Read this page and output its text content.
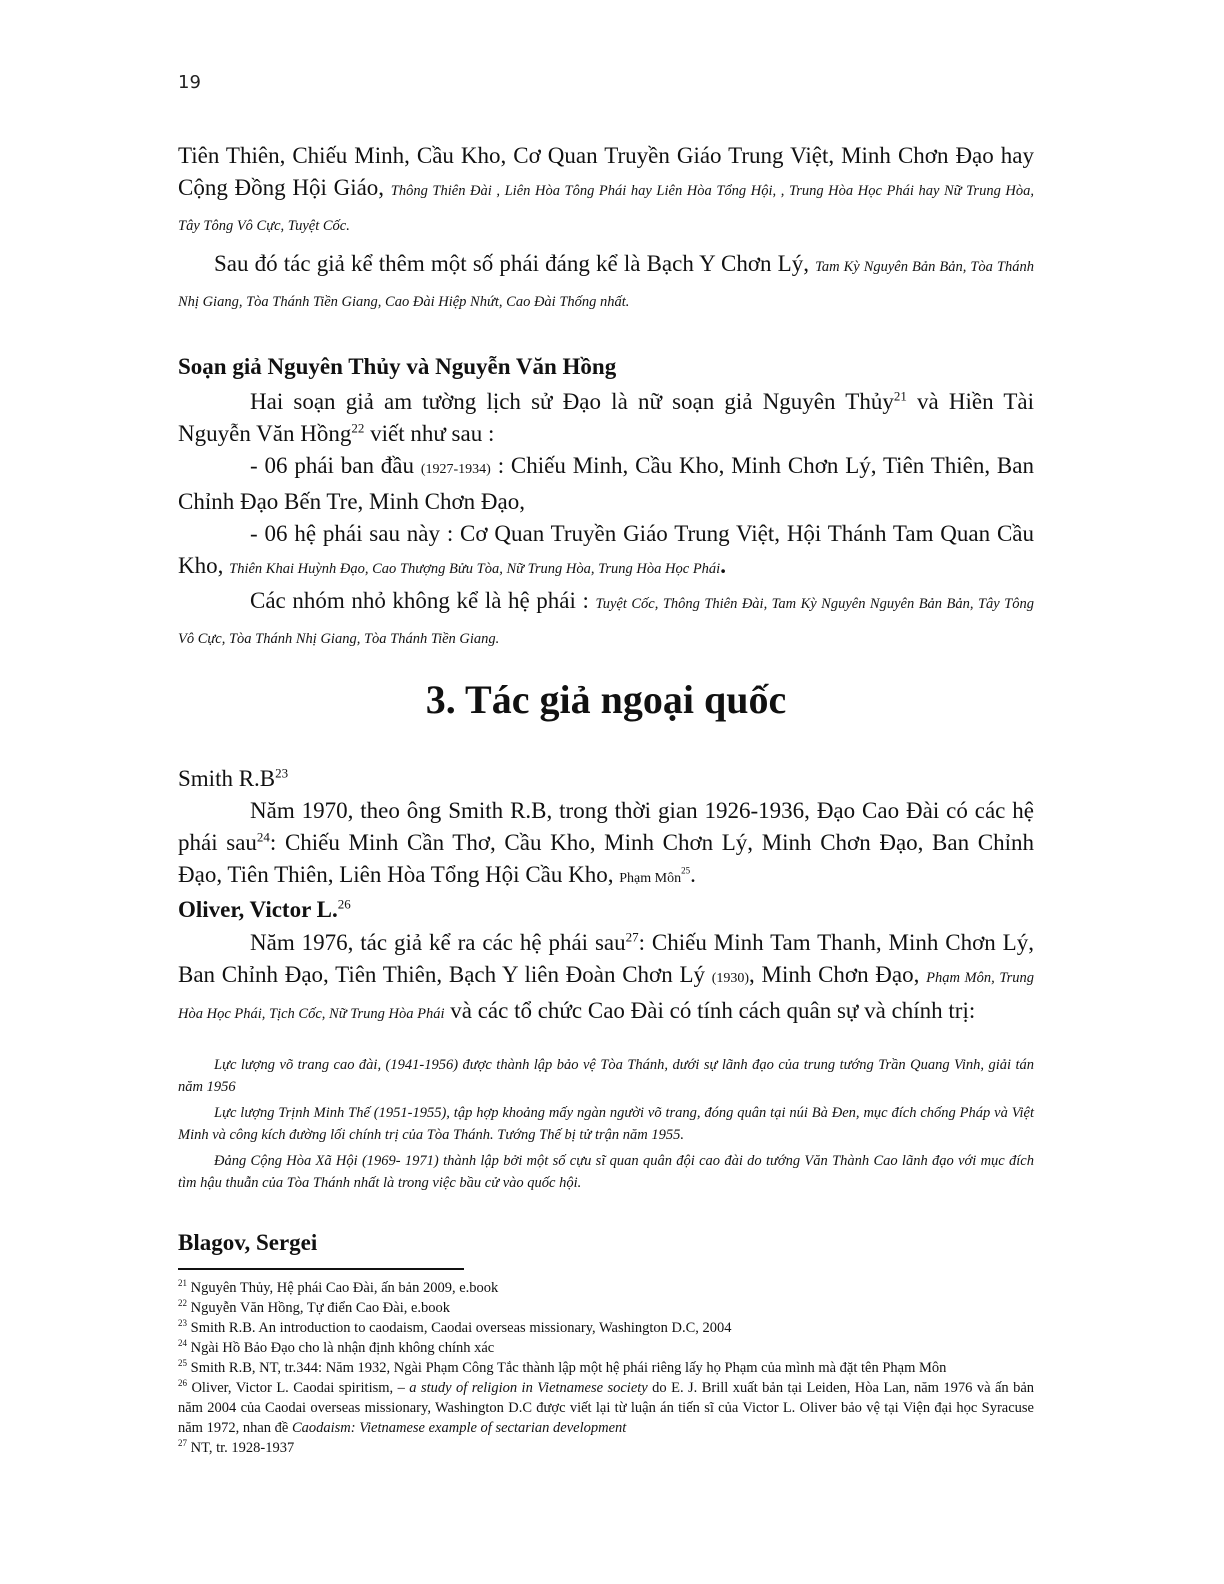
19

Tiên Thiên, Chiếu Minh, Cầu Kho, Cơ Quan Truyền Giáo Trung Việt, Minh Chơn Đạo hay Cộng Đồng Hội Giáo, Thông Thiên Đài , Liên Hòa Tông Phái hay Liên Hòa Tổng Hội, , Trung Hòa Học Phái hay Nữ Trung Hòa, Tây Tông Vô Cực, Tuyệt Cốc.

Sau đó tác giả kể thêm một số phái đáng kể là Bạch Y Chơn Lý, Tam Kỳ Nguyên Bản Bản, Tòa Thánh Nhị Giang, Tòa Thánh Tiền Giang, Cao Đài Hiệp Nhứt, Cao Đài Thống nhất.

Soạn giả Nguyên Thủy và Nguyễn Văn Hồng

Hai soạn giả am tường lịch sử Đạo là nữ soạn giả Nguyên Thủy$^{21}$ và Hiền Tài Nguyễn Văn Hồng$^{22}$ viết như sau :

- 06 phái ban đầu (1927-1934) : Chiếu Minh, Cầu Kho, Minh Chơn Lý, Tiên Thiên, Ban Chỉnh Đạo Bến Tre, Minh Chơn Đạo,

- 06 hệ phái sau này : Cơ Quan Truyền Giáo Trung Việt, Hội Thánh Tam Quan Cầu Kho, Thiên Khai Huỳnh Đạo, Cao Thượng Bửu Tòa, Nữ Trung Hòa, Trung Hòa Học Phái.

Các nhóm nhỏ không kể là hệ phái : Tuyệt Cốc, Thông Thiên Đài, Tam Kỳ Nguyên Nguyên Bản Bản, Tây Tông Vô Cực, Tòa Thánh Nhị Giang, Tòa Thánh Tiền Giang.

3. Tác giả ngoại quốc

Smith $R.B^{23}$

Năm 1970, theo ông Smith R.B, trong thời gian 1926-1936, Đạo Cao Đài có các hệ phái sau$^{24}$: Chiếu Minh Cần Thơ, Cầu Kho, Minh Chơn Lý, Minh Chơn Đạo, Ban Chỉnh Đạo, Tiên Thiên, Liên Hòa Tổng Hội Cầu Kho, Phạm Môn$^{25}$.

Oliver, Victor L.$^{26}$

Năm 1976, tác giả kể ra các hệ phái sau$^{27}$: Chiếu Minh Tam Thanh, Minh Chơn Lý, Ban Chỉnh Đạo, Tiên Thiên, Bạch Y liên Đoàn Chơn Lý (1930), Minh Chơn Đạo, Phạm Môn, Trung Hòa Học Phái, Tịch Cốc, Nữ Trung Hòa Phái và các tổ chức Cao Đài có tính cách quân sự và chính trị:

Lực lượng võ trang cao đài, (1941-1956) được thành lập bảo vệ Tòa Thánh, dưới sự lãnh đạo của trung tướng Trần Quang Vinh, giải tán năm 1956

Lực lượng Trịnh Minh Thế (1951-1955), tập hợp khoảng mấy ngàn người võ trang, đóng quân tại núi Bà Đen, mục đích chống Pháp và Việt Minh và công kích đường lối chính trị của Tòa Thánh. Tướng Thế bị tử trận năm 1955.

Đảng Cộng Hòa Xã Hội (1969- 1971) thành lập bởi một số cựu sĩ quan quân đội cao đài do tướng Văn Thành Cao lãnh đạo với mục đích tìm hậu thuẫn của Tòa Thánh nhất là trong việc bầu cử vào quốc hội.

Blagov, Sergei

$^{21}$ Nguyên Thủy, Hệ phái Cao Đài, ấn bản 2009, e.book

$^{22}$ Nguyễn Văn Hồng, Tự điển Cao Đài, e.book

$^{23}$ Smith R.B. An introduction to caodaism, Caodai overseas missionary, Washington D.C, 2004

$^{24}$ Ngài Hồ Bảo Đạo cho là nhận định không chính xác

$^{25}$ Smith R.B, NT, tr.344: Năm 1932, Ngài Phạm Công Tắc thành lập một hệ phái riêng lấy họ Phạm của mình mà đặt tên Phạm Môn

$^{26}$ Oliver, Victor L. Caodai spiritism, – a study of religion in Vietnamese society do E. J. Brill xuất bản tại Leiden, Hòa Lan, năm 1976 và ấn bản năm 2004 của Caodai overseas missionary, Washington D.C được viết lại từ luận án tiến sĩ của Victor L. Oliver bảo vệ tại Viện đại học Syracuse năm 1972, nhan đề Caodaism: Vietnamese example of sectarian development

$^{27}$ NT, tr. 1928-1937
